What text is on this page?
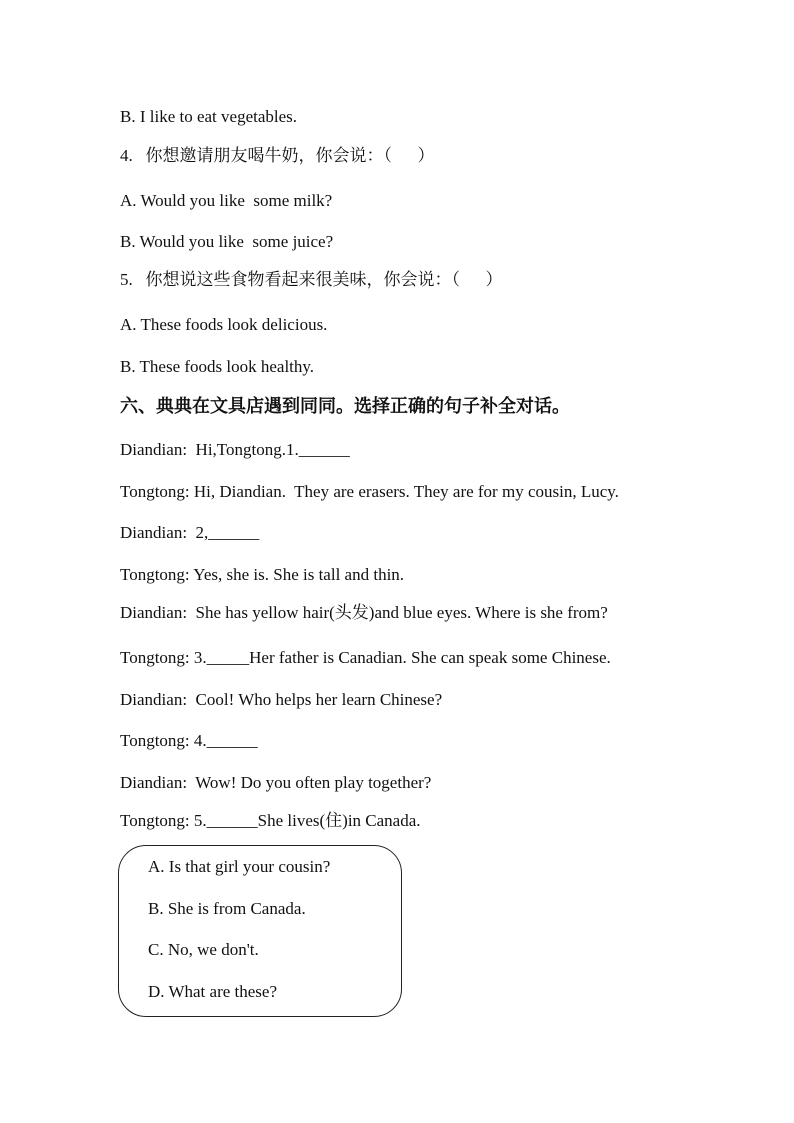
B. I like to eat vegetables.
4.   你想邀请朋友喝牛奶，你会说：（      ）
A. Would you like  some milk?
B. Would you like  some juice?
5.   你想说这些食物看起来很美味，你会说：（      ）
A. These foods look delicious.
B. These foods look healthy.
六、典典在文具店遇到同同。选择正确的句子补全对话。
Diandian:  Hi,Tongtong.1.______
Tongtong: Hi, Diandian.  They are erasers. They are for my cousin, Lucy.
Diandian:  2,______
Tongtong: Yes, she is. She is tall and thin.
Diandian:  She has yellow hair(头发)and blue eyes. Where is she from?
Tongtong: 3._____Her father is Canadian. She can speak some Chinese.
Diandian:  Cool! Who helps her learn Chinese?
Tongtong: 4.______
Diandian:  Wow! Do you often play together?
Tongtong: 5.______She lives(住)in Canada.
A. Is that girl your cousin?
B. She is from Canada.
C. No, we don't.
D. What are these?
